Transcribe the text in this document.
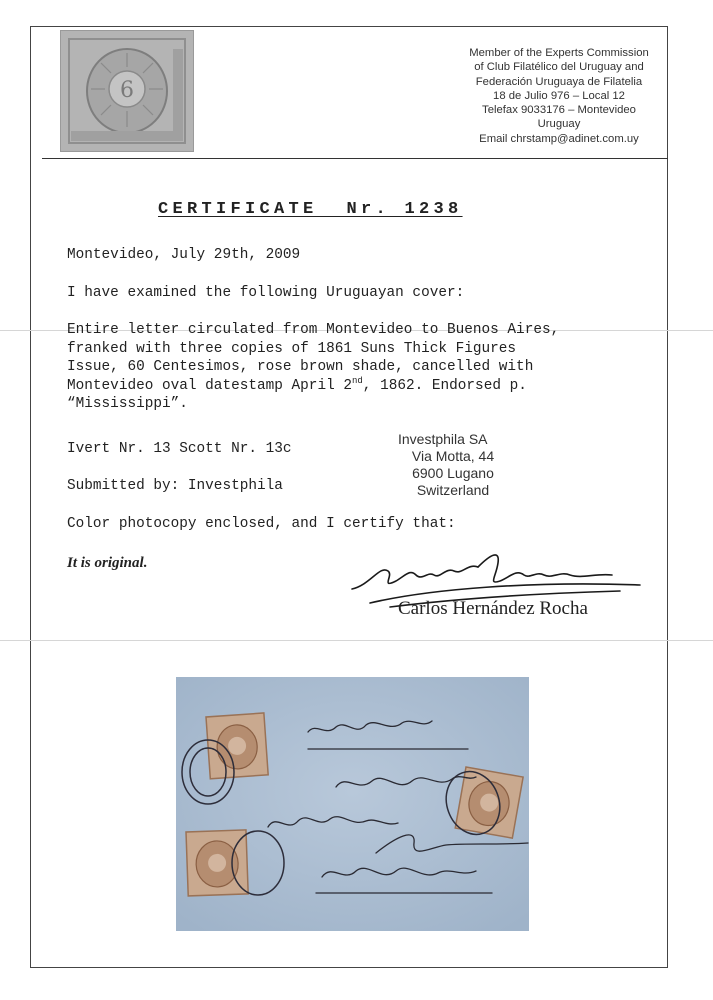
6
Member of the Experts Commission
of Club Filatélico del Uruguay and
Federación Uruguaya de Filatelia
18 de Julio 976 – Local 12
Telefax 9033176 – Montevideo
Uruguay
Email chrstamp@adinet.com.uy
CERTIFICATE  Nr. 1238
Montevideo, July 29th, 2009
I have examined the following Uruguayan cover:
Entire letter circulated from Montevideo to Buenos Aires,
franked with three copies of 1861 Suns Thick Figures
Issue, 60 Centesimos, rose brown shade, cancelled with
Montevideo oval datestamp April 2nd, 1862. Endorsed p.
“Mississippi”.
Ivert Nr. 13 Scott Nr. 13c
Submitted by: Investphila
Investphila SA
Via Motta, 44
6900 Lugano
Switzerland
Color photocopy enclosed, and I certify that:
It is original.
Carlos Hernández Rocha
